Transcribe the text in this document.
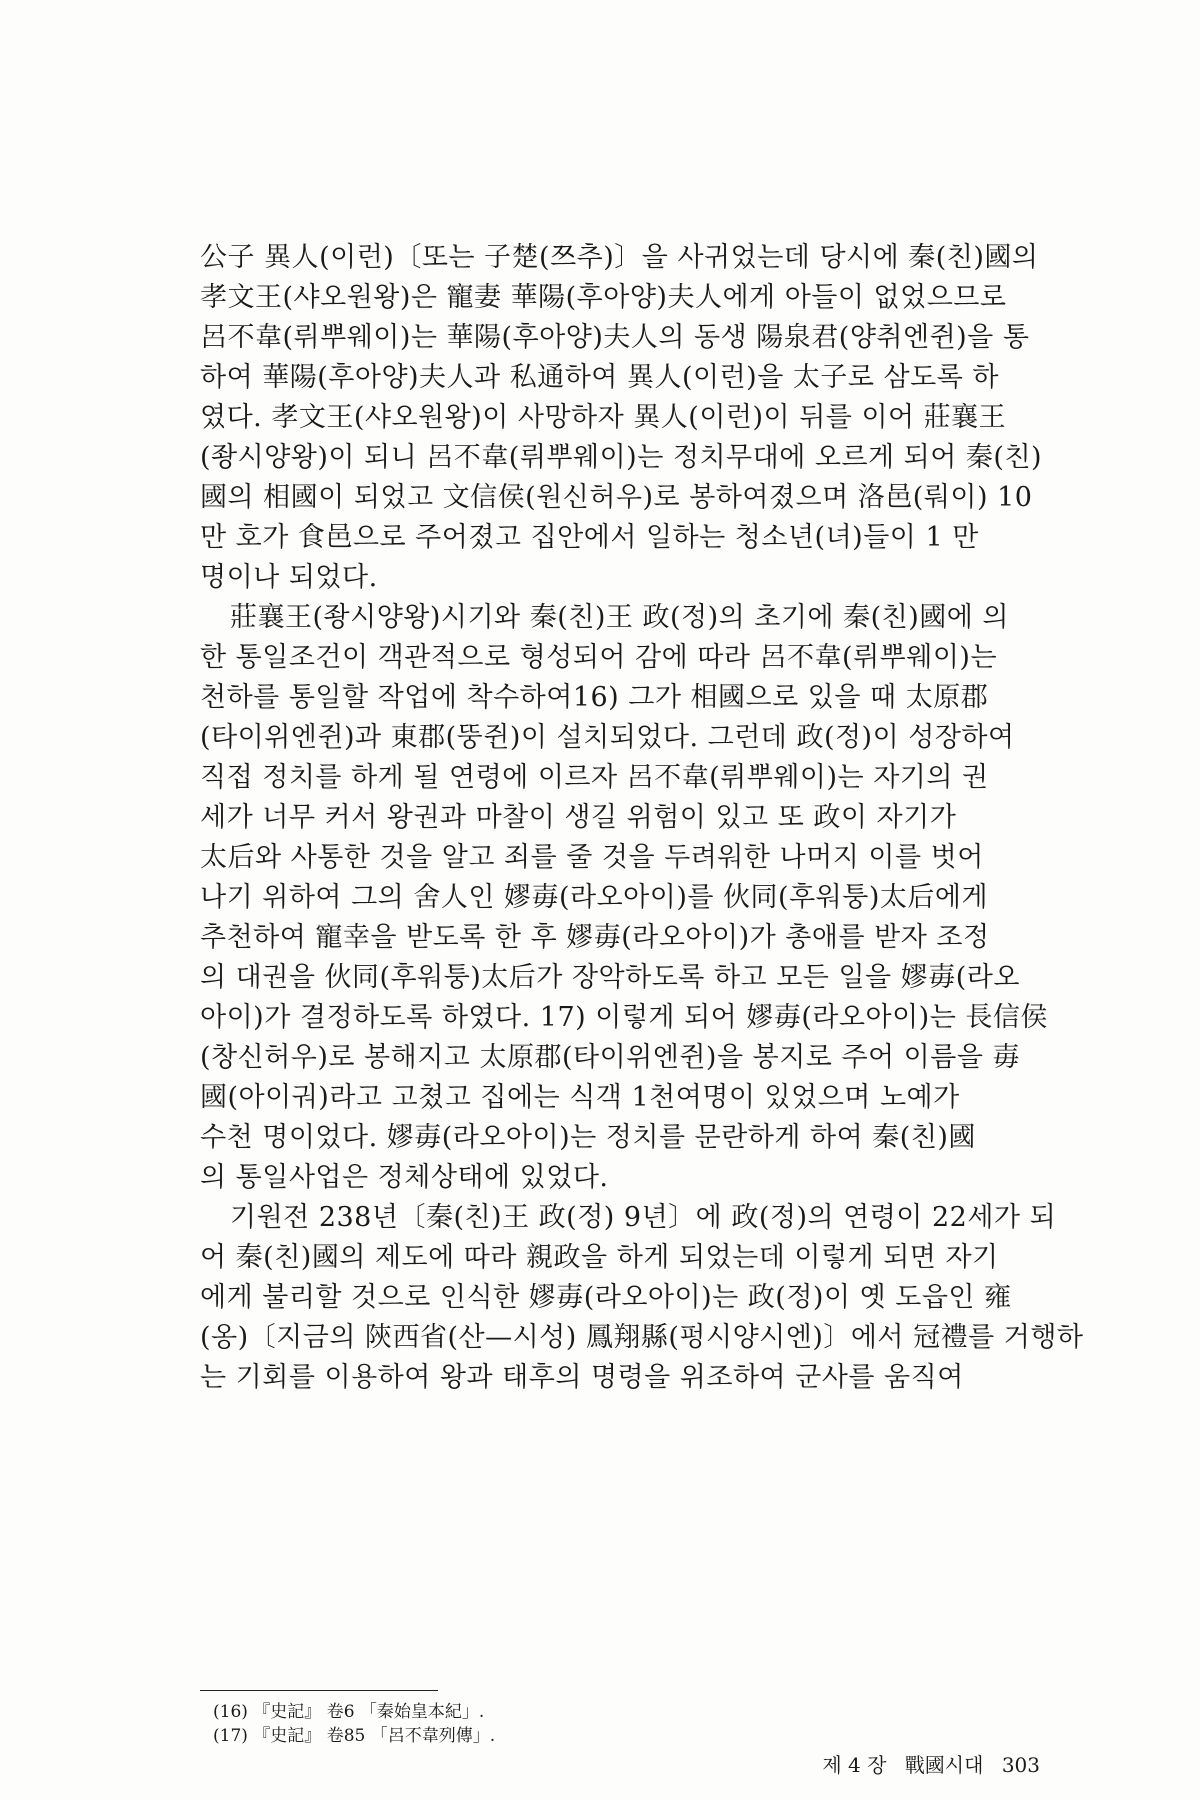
公子 異人(이런)〔또는 子楚(쯔추)〕을 사귀었는데 당시에 秦(친)國의
孝文王(샤오원왕)은 寵妻 華陽(후아양)夫人에게 아들이 없었으므로
呂不韋(뤼뿌웨이)는 華陽(후아양)夫人의 동생 陽泉君(양취엔쥔)을 통
하여 華陽(후아양)夫人과 私通하여 異人(이런)을 太子로 삼도록 하
였다. 孝文王(샤오원왕)이 사망하자 異人(이런)이 뒤를 이어 莊襄王
(좡시양왕)이 되니 呂不韋(뤼뿌웨이)는 정치무대에 오르게 되어 秦(친)
國의 相國이 되었고 文信侯(원신허우)로 봉하여졌으며 洛邑(뤄이) 10
만 호가 食邑으로 주어졌고 집안에서 일하는 청소년(녀)들이 1 만
명이나 되었다.
莊襄王(좡시양왕)시기와 秦(친)王 政(정)의 초기에 秦(친)國에 의
한 통일조건이 객관적으로 형성되어 감에 따라 呂不韋(뤼뿌웨이)는
천하를 통일할 작업에 착수하여16) 그가 相國으로 있을 때 太原郡
(타이위엔쥔)과 東郡(뚱쥔)이 설치되었다. 그런데 政(정)이 성장하여
직접 정치를 하게 될 연령에 이르자 呂不韋(뤼뿌웨이)는 자기의 권
세가 너무 커서 왕권과 마찰이 생길 위험이 있고 또 政이 자기가
太后와 사통한 것을 알고 죄를 줄 것을 두려워한 나머지 이를 벗어
나기 위하여 그의 舍人인 嫪毐(라오아이)를 伙同(후워퉁)太后에게
추천하여 寵幸을 받도록 한 후 嫪毐(라오아이)가 총애를 받자 조정
의 대권을 伙同(후워퉁)太后가 장악하도록 하고 모든 일을 嫪毐(라오
아이)가 결정하도록 하였다. 17) 이렇게 되어 嫪毐(라오아이)는 長信侯
(창신허우)로 봉해지고 太原郡(타이위엔쥔)을 봉지로 주어 이름을 毐
國(아이궈)라고 고쳤고 집에는 식객 1천여명이 있었으며 노예가
수천 명이었다. 嫪毐(라오아이)는 정치를 문란하게 하여 秦(친)國
의 통일사업은 정체상태에 있었다.
기원전 238년〔秦(친)王 政(정) 9년〕에 政(정)의 연령이 22세가 되
어 秦(친)國의 제도에 따라 親政을 하게 되었는데 이렇게 되면 자기
에게 불리할 것으로 인식한 嫪毐(라오아이)는 政(정)이 옛 도읍인 雍
(옹)〔지금의 陝西省(산—시성) 鳳翔縣(펑시양시엔)〕에서 冠禮를 거행하
는 기회를 이용하여 왕과 태후의 명령을 위조하여 군사를 움직여
(16) 『史記』 卷6 「秦始皇本紀」.
(17) 『史記』 卷85 「呂不韋列傳」.
제 4 장 戰國시대 303
